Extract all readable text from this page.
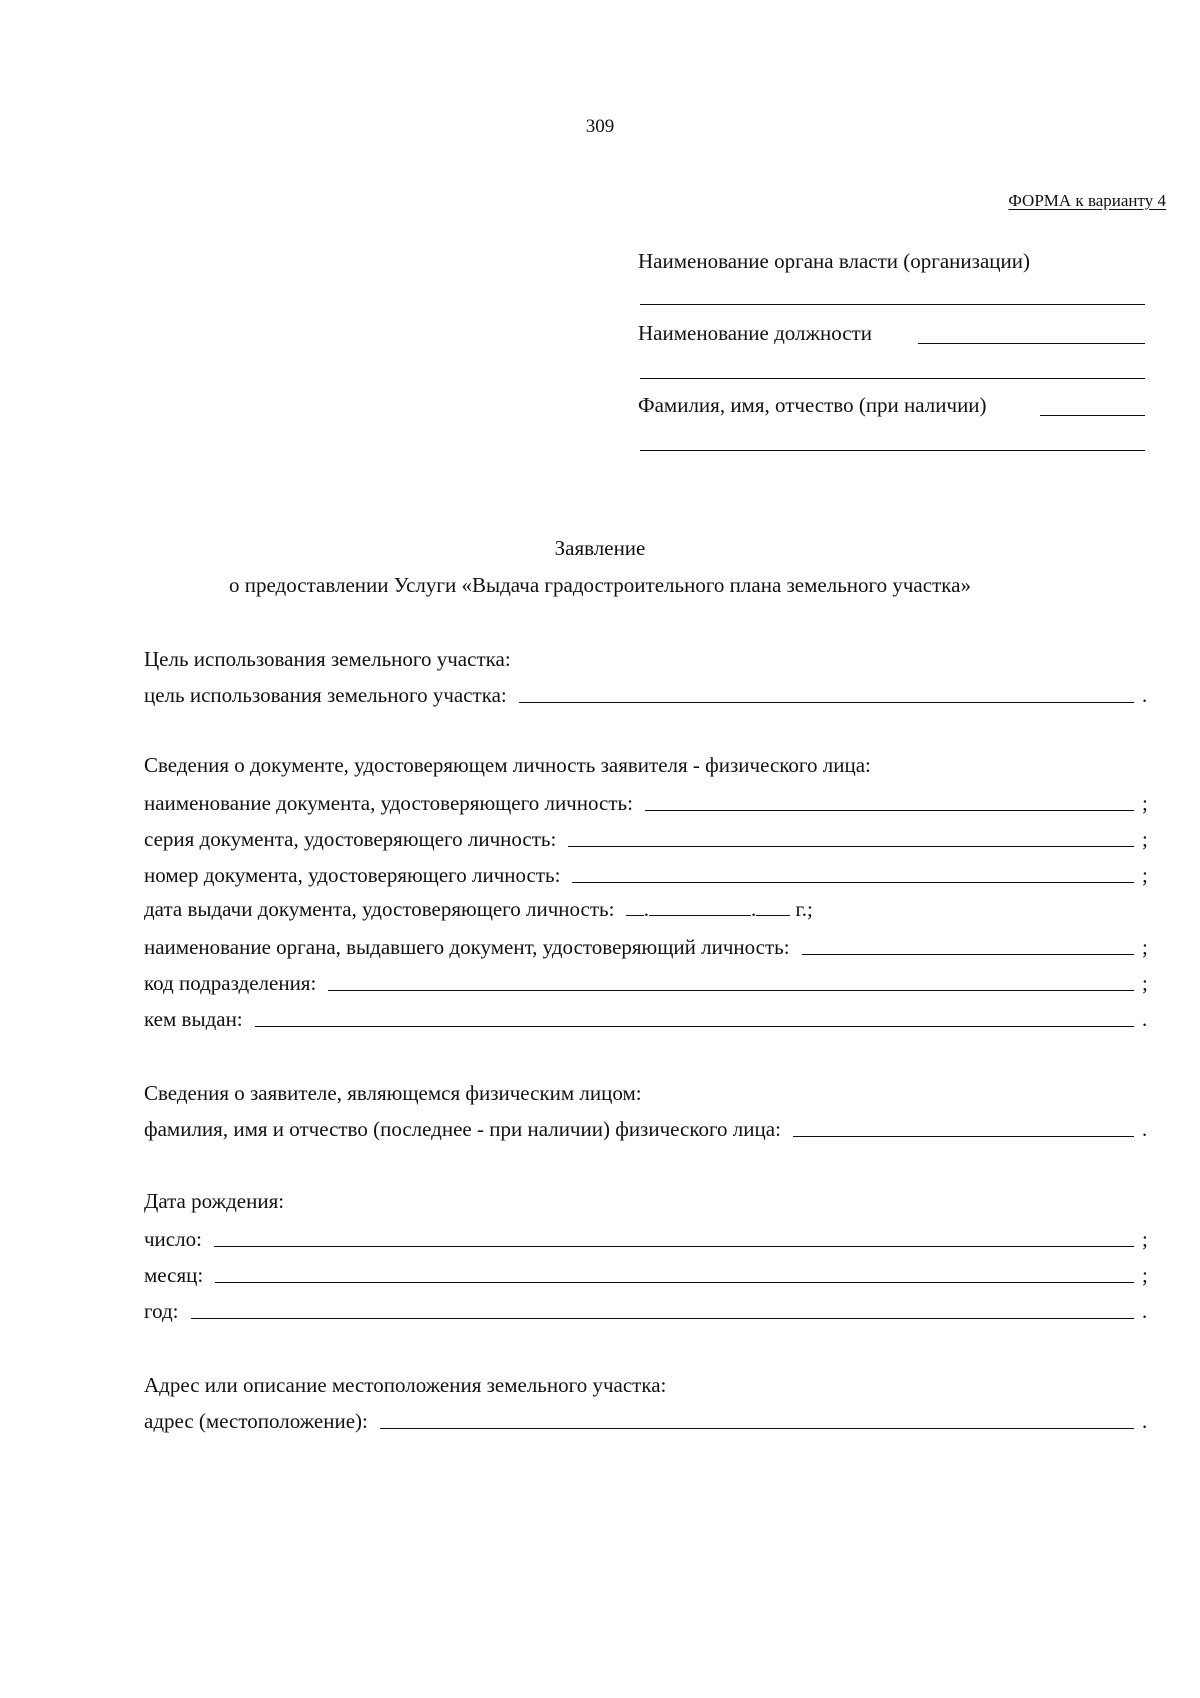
309
ФОРМА к варианту 4
Наименование органа власти (организации)
Наименование должности
Фамилия, имя, отчество (при наличии)
Заявление
о предоставлении Услуги «Выдача градостроительного плана земельного участка»
Цель использования земельного участка:
цель использования земельного участка:	.
Сведения о документе, удостоверяющем личность заявителя - физического лица:
наименование документа, удостоверяющего личность:	;
серия документа, удостоверяющего личность:	;
номер документа, удостоверяющего личность:	;
дата выдачи документа, удостоверяющего личность: .	. г.;
наименование органа, выдавшего документ, удостоверяющий личность:	;
код подразделения:	;
кем выдан:	.
Сведения о заявителе, являющемся физическим лицом:
фамилия, имя и отчество (последнее - при наличии) физического лица:	.
Дата рождения:
число:	;
месяц:	;
год:	.
Адрес или описание местоположения земельного участка:
адрес (местоположение):	.
